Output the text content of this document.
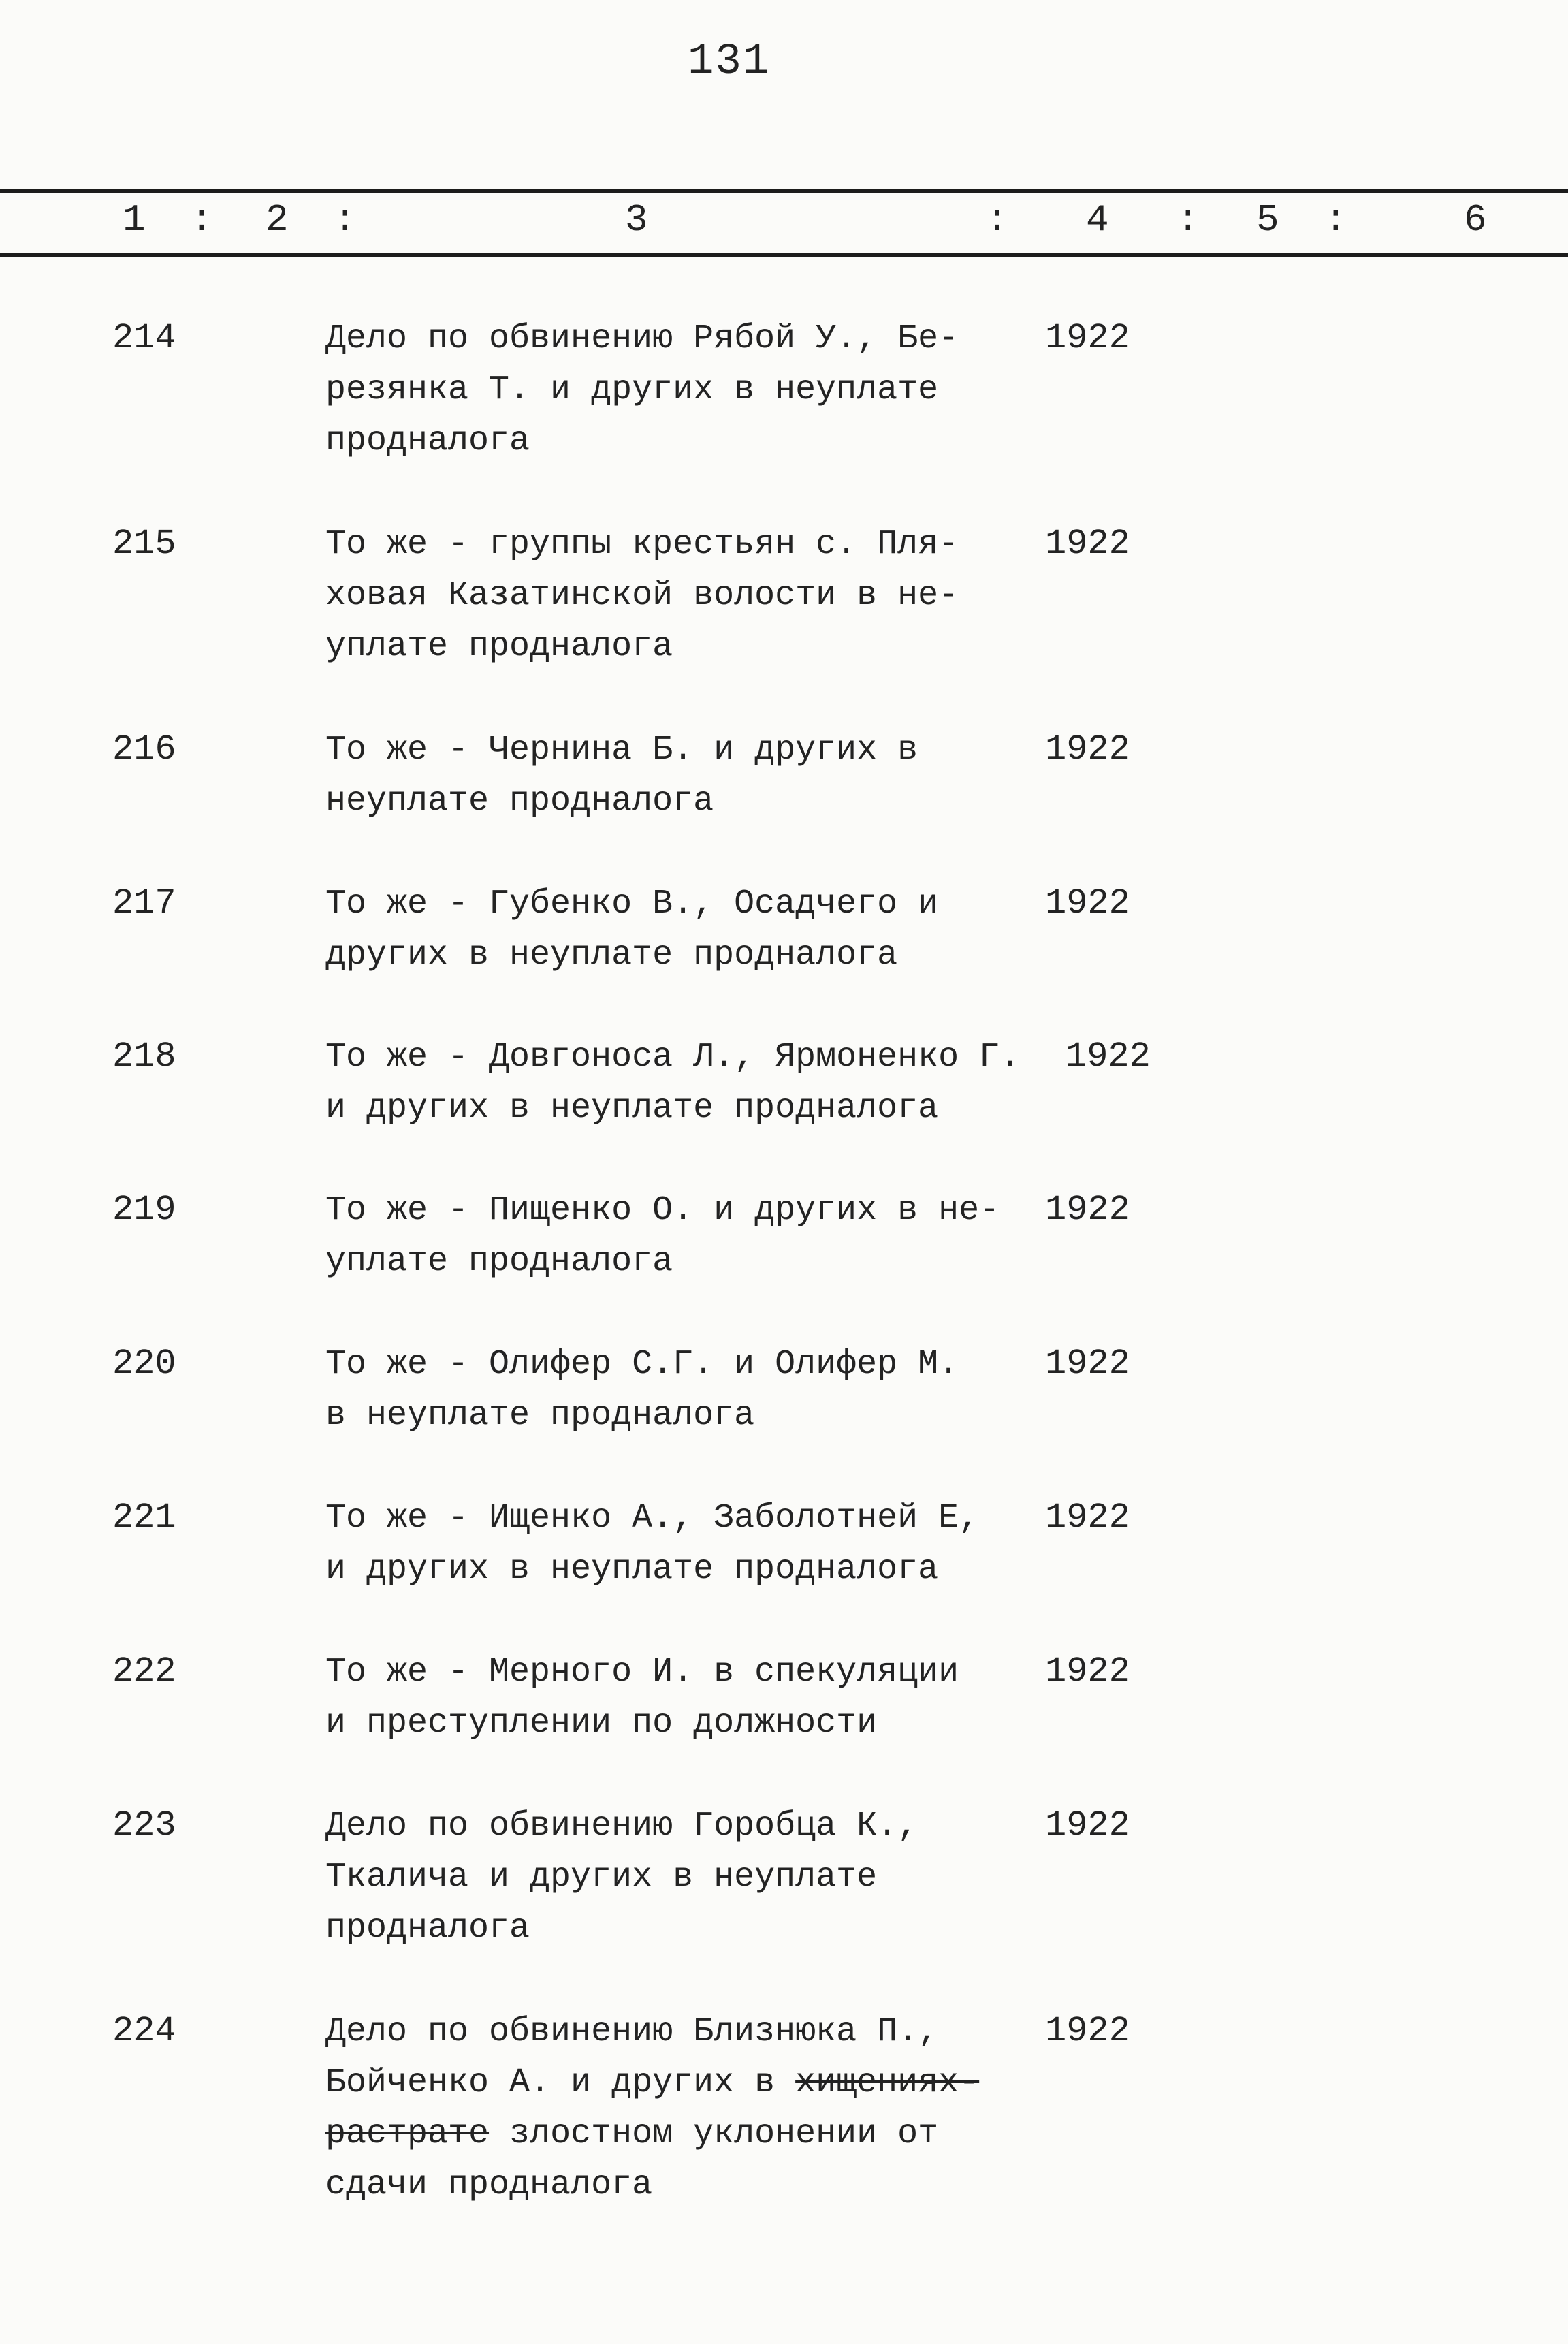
131
1 : 2 :	3	: 4 : 5 :	6
214	Дело по обвинению Рябой У., Бе-
резянка Т. и других в неуплате
продналога
1922
215	То же - группы крестьян с. Пля-
ховая Казатинской волости в не-
уплате продналога
1922
216	То же - Чернина Б. и других в
неуплате продналога
1922
217	То же - Губенко В., Осадчего и
других в неуплате продналога
1922
218	То же - Довгоноса Л., Ярмоненко Г.
и других в неуплате продналога
1922
219	То же - Пищенко О. и других в не-
уплате продналога
1922
220	То же - Олифер С.Г. и Олифер М.
в неуплате продналога
1922
221	То же - Ищенко А., Заболотней Е,
и других в неуплате продналога
1922
222	То же - Мерного И. в спекуляции
и преступлении по должности
1922
223	Дело по обвинению Горобца К.,
Ткалича и других в неуплате
продналога
1922
224	Дело по обвинению Близнюка П.,
Бойченко А. и других в хищениях-
растрате злостном уклонении от
сдачи продналога
1922
